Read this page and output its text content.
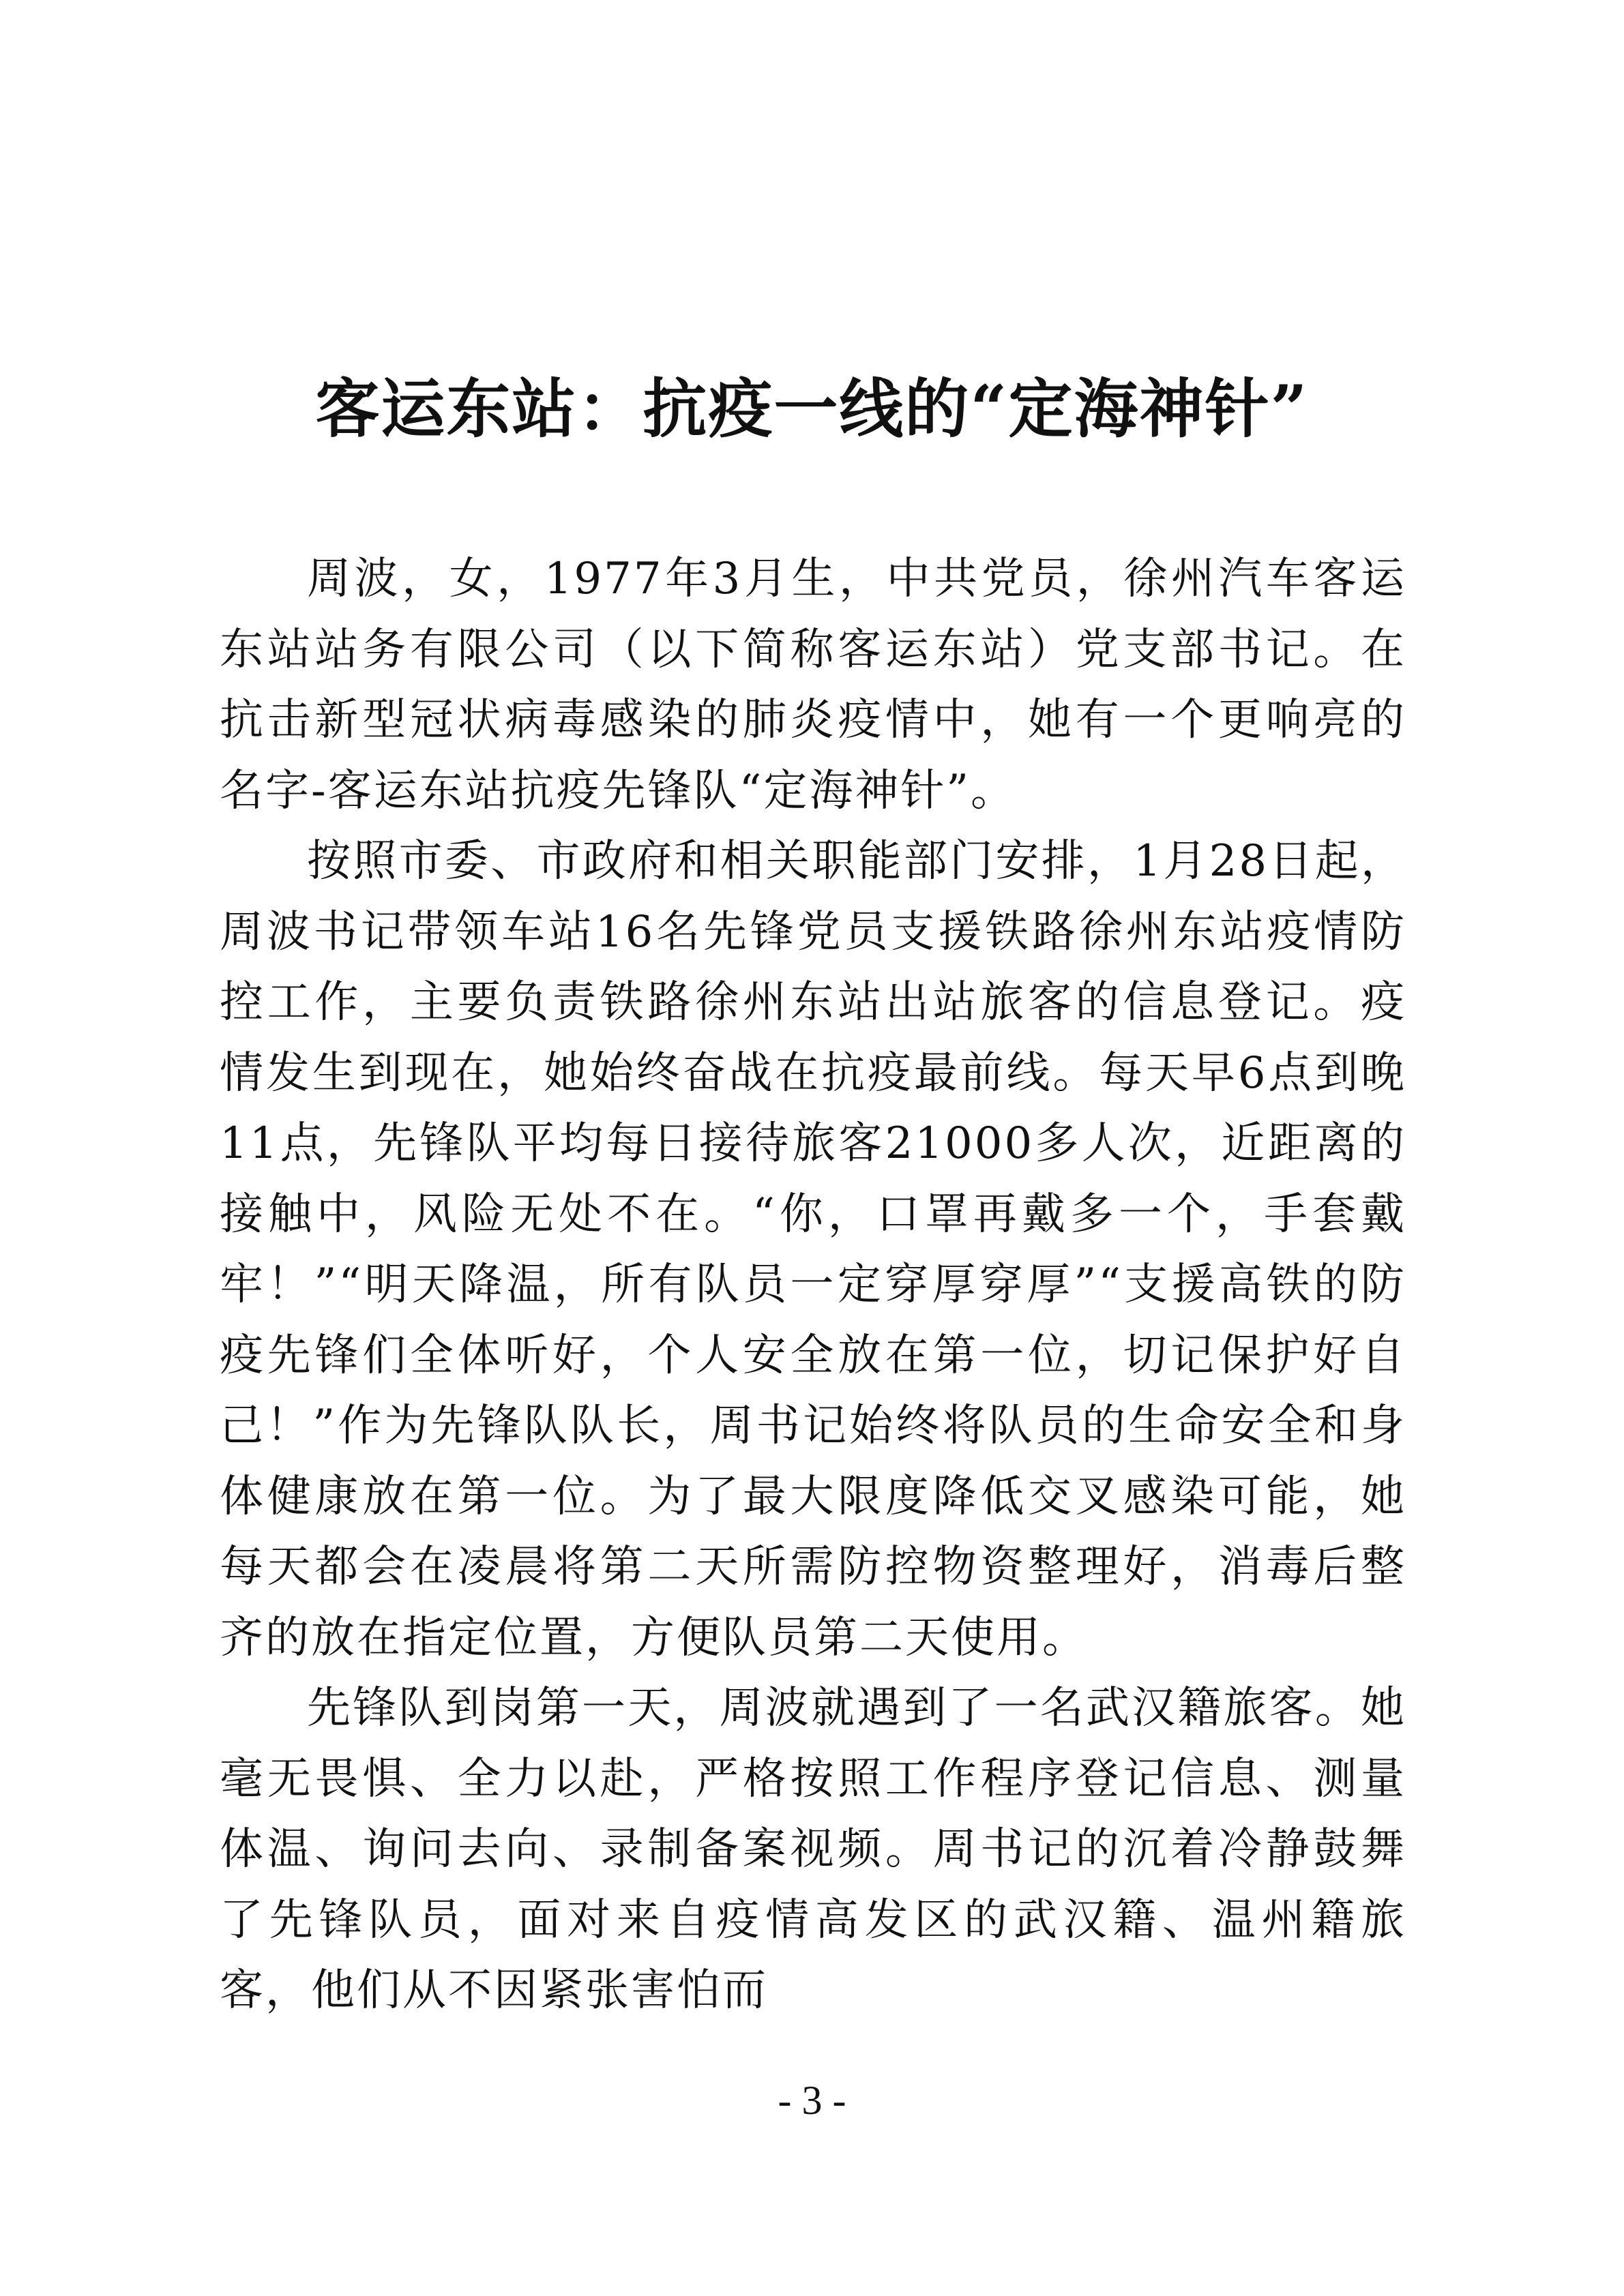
客运东站：抗疫一线的“定海神针”

周波，女，1977年3月生，中共党员，徐州汽车客运东站站务有限公司（以下简称客运东站）党支部书记。在抗击新型冠状病毒感染的肺炎疫情中，她有一个更响亮的名字-客运东站抗疫先锋队“定海神针”。

按照市委、市政府和相关职能部门安排，1月28日起，周波书记带领车站16名先锋党员支援铁路徐州东站疫情防控工作，主要负责铁路徐州东站出站旅客的信息登记。疫情发生到现在，她始终奋战在抗疫最前线。每天早6点到晚11点，先锋队平均每日接待旅客21000多人次，近距离的接触中，风险无处不在。“你，口罩再戴多一个，手套戴牢！”“明天降温，所有队员一定穿厚穿厚”“支援高铁的防疫先锋们全体听好，个人安全放在第一位，切记保护好自己！”作为先锋队队长，周书记始终将队员的生命安全和身体健康放在第一位。为了最大限度降低交叉感染可能，她每天都会在凌晨将第二天所需防控物资整理好，消毒后整齐的放在指定位置，方便队员第二天使用。

先锋队到岗第一天，周波就遇到了一名武汉籍旅客。她毫无畏惧、全力以赴，严格按照工作程序登记信息、测量体温、询问去向、录制备案视频。周书记的沉着冷静鼓舞了先锋队员，面对来自疫情高发区的武汉籍、温州籍旅客，他们从不因紧张害怕而

- 3 -
